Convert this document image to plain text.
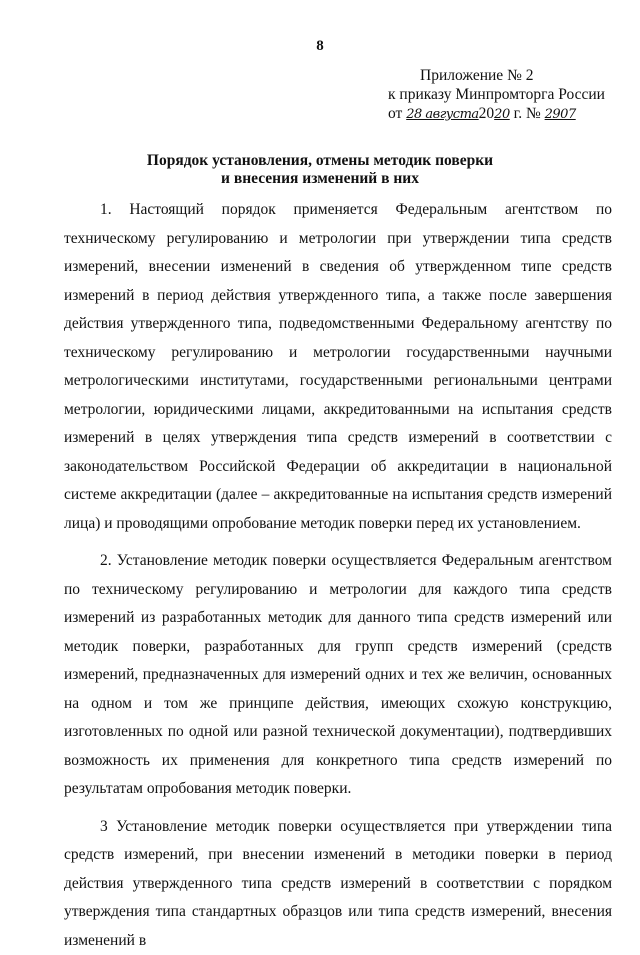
8
Приложение № 2
к приказу Минпромторга России
от 28 августа2020 г. № 2907
Порядок установления, отмены методик поверки
и внесения изменений в них

1. Настоящий порядок применяется Федеральным агентством по техническому регулированию и метрологии при утверждении типа средств измерений, внесении изменений в сведения об утвержденном типе средств измерений в период действия утвержденного типа, а также после завершения действия утвержденного типа, подведомственными Федеральному агентству по техническому регулированию и метрологии государственными научными метрологическими институтами, государственными региональными центрами метрологии, юридическими лицами, аккредитованными на испытания средств измерений в целях утверждения типа средств измерений в соответствии с законодательством Российской Федерации об аккредитации в национальной системе аккредитации (далее – аккредитованные на испытания средств измерений лица) и проводящими опробование методик поверки перед их установлением.

2. Установление методик поверки осуществляется Федеральным агентством по техническому регулированию и метрологии для каждого типа средств измерений из разработанных методик для данного типа средств измерений или методик поверки, разработанных для групп средств измерений (средств измерений, предназначенных для измерений одних и тех же величин, основанных на одном и том же принципе действия, имеющих схожую конструкцию, изготовленных по одной или разной технической документации), подтвердивших возможность их применения для конкретного типа средств измерений по результатам опробования методик поверки.

3 Установление методик поверки осуществляется при утверждении типа средств измерений, при внесении изменений в методики поверки в период действия утвержденного типа средств измерений в соответствии с порядком утверждения типа стандартных образцов или типа средств измерений, внесения изменений в
